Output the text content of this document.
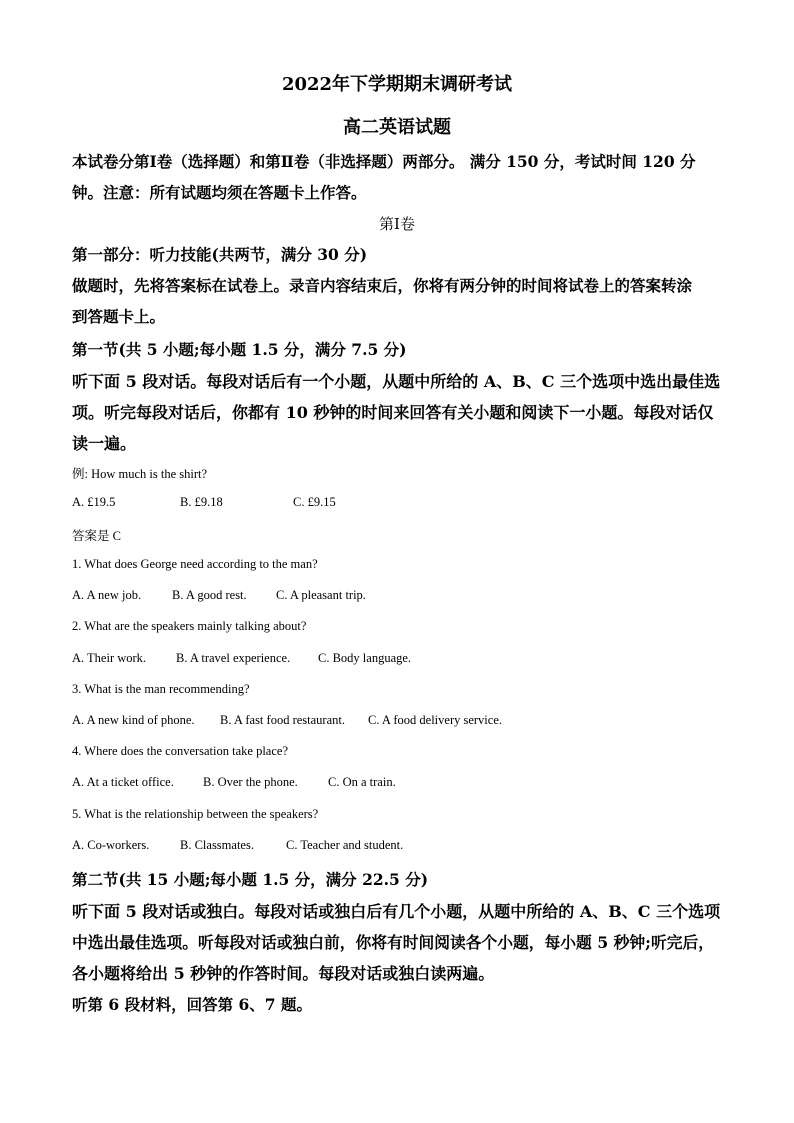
2022年下学期期末调研考试
高二英语试题
本试卷分第Ⅰ卷（选择题）和第Ⅱ卷（非选择题）两部分。 满分 150 分，考试时间 120 分
钟。注意：所有试题均须在答题卡上作答。
第Ⅰ卷
第一部分：听力技能(共两节，满分 30 分)
做题时，先将答案标在试卷上。录音内容结束后，你将有两分钟的时间将试卷上的答案转涂
到答题卡上。
第一节(共 5 小题;每小题 1.5 分，满分 7.5 分)
听下面 5 段对话。每段对话后有一个小题，从题中所给的 A、B、C 三个选项中选出最佳选
项。听完每段对话后，你都有 10 秒钟的时间来回答有关小题和阅读下一小题。每段对话仅
读一遍。
例: How much is the shirt?
A. £19.5	B. £9.18	C. £9.15
答案是 C
1. What does George need according to the man?
A. A new job. B. A good rest. C. A pleasant trip.
2. What are the speakers mainly talking about?
A. Their work. B. A travel experience. C. Body language.
3. What is the man recommending?
A. A new kind of phone. B. A fast food restaurant. C. A food delivery service.
4. Where does the conversation take place?
A. At a ticket office. B. Over the phone. C. On a train.
5. What is the relationship between the speakers?
A. Co-workers. B. Classmates.	C. Teacher and student.
第二节(共 15 小题;每小题 1.5 分，满分 22.5 分)
听下面 5 段对话或独白。每段对话或独白后有几个小题，从题中所给的 A、B、C 三个选项
中选出最佳选项。听每段对话或独白前，你将有时间阅读各个小题，每小题 5 秒钟;听完后，
各小题将给出 5 秒钟的作答时间。每段对话或独白读两遍。
听第 6 段材料，回答第 6、7 题。
